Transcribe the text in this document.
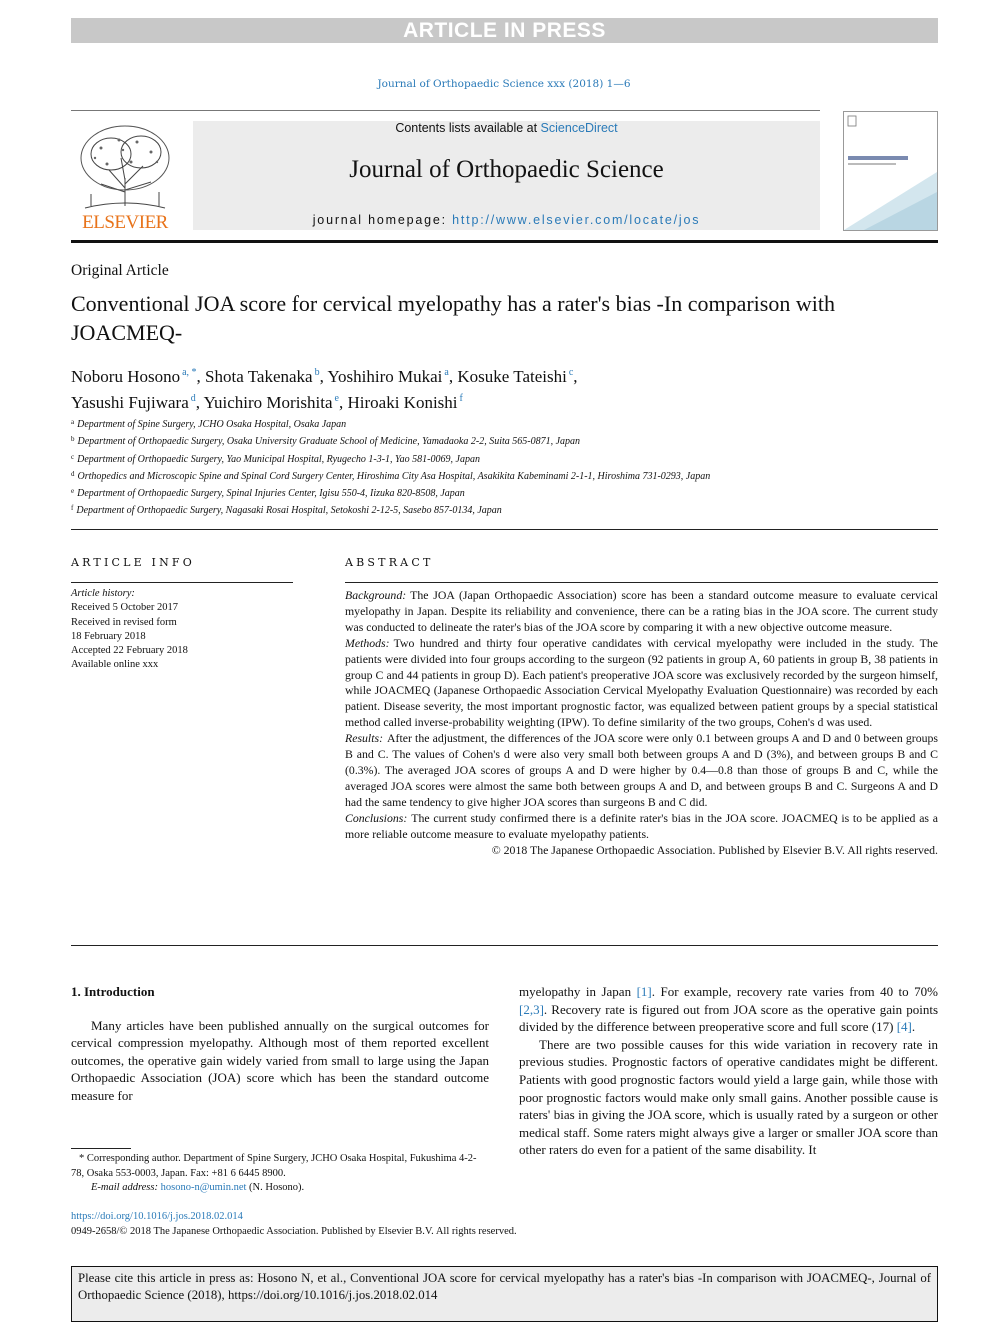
ARTICLE IN PRESS
Journal of Orthopaedic Science xxx (2018) 1—6
ELSEVIER
Contents lists available at ScienceDirect
Journal of Orthopaedic Science
journal homepage: http://www.elsevier.com/locate/jos
Original Article
Conventional JOA score for cervical myelopathy has a rater's bias -In comparison with JOACMEQ-
Noboru Hosono $^{a, *}$, Shota Takenaka $^b$, Yoshihiro Mukai $^a$, Kosuke Tateishi $^c$,
Yasushi Fujiwara $^d$, Yuichiro Morishita $^e$, Hiroaki Konishi $^f$
$^a$ Department of Spine Surgery, JCHO Osaka Hospital, Osaka Japan
$^b$ Department of Orthopaedic Surgery, Osaka University Graduate School of Medicine, Yamadaoka 2-2, Suita 565-0871, Japan
$^c$ Department of Orthopaedic Surgery, Yao Municipal Hospital, Ryugecho 1-3-1, Yao 581-0069, Japan
$^d$ Orthopedics and Microscopic Spine and Spinal Cord Surgery Center, Hiroshima City Asa Hospital, Asakikita Kabeminami 2-1-1, Hiroshima 731-0293, Japan
$^e$ Department of Orthopaedic Surgery, Spinal Injuries Center, Igisu 550-4, Iizuka 820-8508, Japan
$^f$ Department of Orthopaedic Surgery, Nagasaki Rosai Hospital, Setokoshi 2-12-5, Sasebo 857-0134, Japan
ARTICLE INFO
Article history:
Received 5 October 2017
Received in revised form
18 February 2018
Accepted 22 February 2018
Available online xxx
ABSTRACT
Background: The JOA (Japan Orthopaedic Association) score has been a standard outcome measure to evaluate cervical myelopathy in Japan. Despite its reliability and convenience, there can be a rating bias in the JOA score. The current study was conducted to delineate the rater's bias of the JOA score by comparing it with a new objective outcome measure.
Methods: Two hundred and thirty four operative candidates with cervical myelopathy were included in the study. The patients were divided into four groups according to the surgeon (92 patients in group A, 60 patients in group B, 38 patients in group C and 44 patients in group D). Each patient's preoperative JOA score was exclusively recorded by the surgeon himself, while JOACMEQ (Japanese Orthopaedic Association Cervical Myelopathy Evaluation Questionnaire) was recorded by each patient. Disease severity, the most important prognostic factor, was equalized between patient groups by a special statistical method called inverse-probability weighting (IPW). To define similarity of the two groups, Cohen's d was used.
Results: After the adjustment, the differences of the JOA score were only 0.1 between groups A and D and 0 between groups B and C. The values of Cohen's d were also very small both between groups A and D (3%), and between groups B and C (0.3%). The averaged JOA scores of groups A and D were higher by 0.4—0.8 than those of groups B and C, while the averaged JOA scores were almost the same both between groups A and D, and between groups B and C. Surgeons A and D had the same tendency to give higher JOA scores than surgeons B and C did.
Conclusions: The current study confirmed there is a definite rater's bias in the JOA score. JOACMEQ is to be applied as a more reliable outcome measure to evaluate myelopathy patients.
© 2018 The Japanese Orthopaedic Association. Published by Elsevier B.V. All rights reserved.
1. Introduction

Many articles have been published annually on the surgical outcomes for cervical compression myelopathy. Although most of them reported excellent outcomes, the operative gain widely varied from small to large using the Japan Orthopaedic Association (JOA) score which has been the standard outcome measure for

myelopathy in Japan [1]. For example, recovery rate varies from 40 to 70% [2,3]. Recovery rate is figured out from JOA score as the operative gain points divided by the difference between preoperative score and full score (17) [4].

There are two possible causes for this wide variation in recovery rate in previous studies. Prognostic factors of operative candidates might be different. Patients with good prognostic factors would yield a large gain, while those with poor prognostic factors would make only small gains. Another possible cause is raters' bias in giving the JOA score, which is usually rated by a surgeon or other medical staff. Some raters might always give a larger or smaller JOA score than other raters do even for a patient of the same disability. It

* Corresponding author. Department of Spine Surgery, JCHO Osaka Hospital, Fukushima 4-2-78, Osaka 553-0003, Japan. Fax: +81 6 6445 8900.
E-mail address: hosono-n@umin.net (N. Hosono).
https://doi.org/10.1016/j.jos.2018.02.014
0949-2658/© 2018 The Japanese Orthopaedic Association. Published by Elsevier B.V. All rights reserved.
Please cite this article in press as: Hosono N, et al., Conventional JOA score for cervical myelopathy has a rater's bias -In comparison with JOACMEQ-, Journal of Orthopaedic Science (2018), https://doi.org/10.1016/j.jos.2018.02.014
